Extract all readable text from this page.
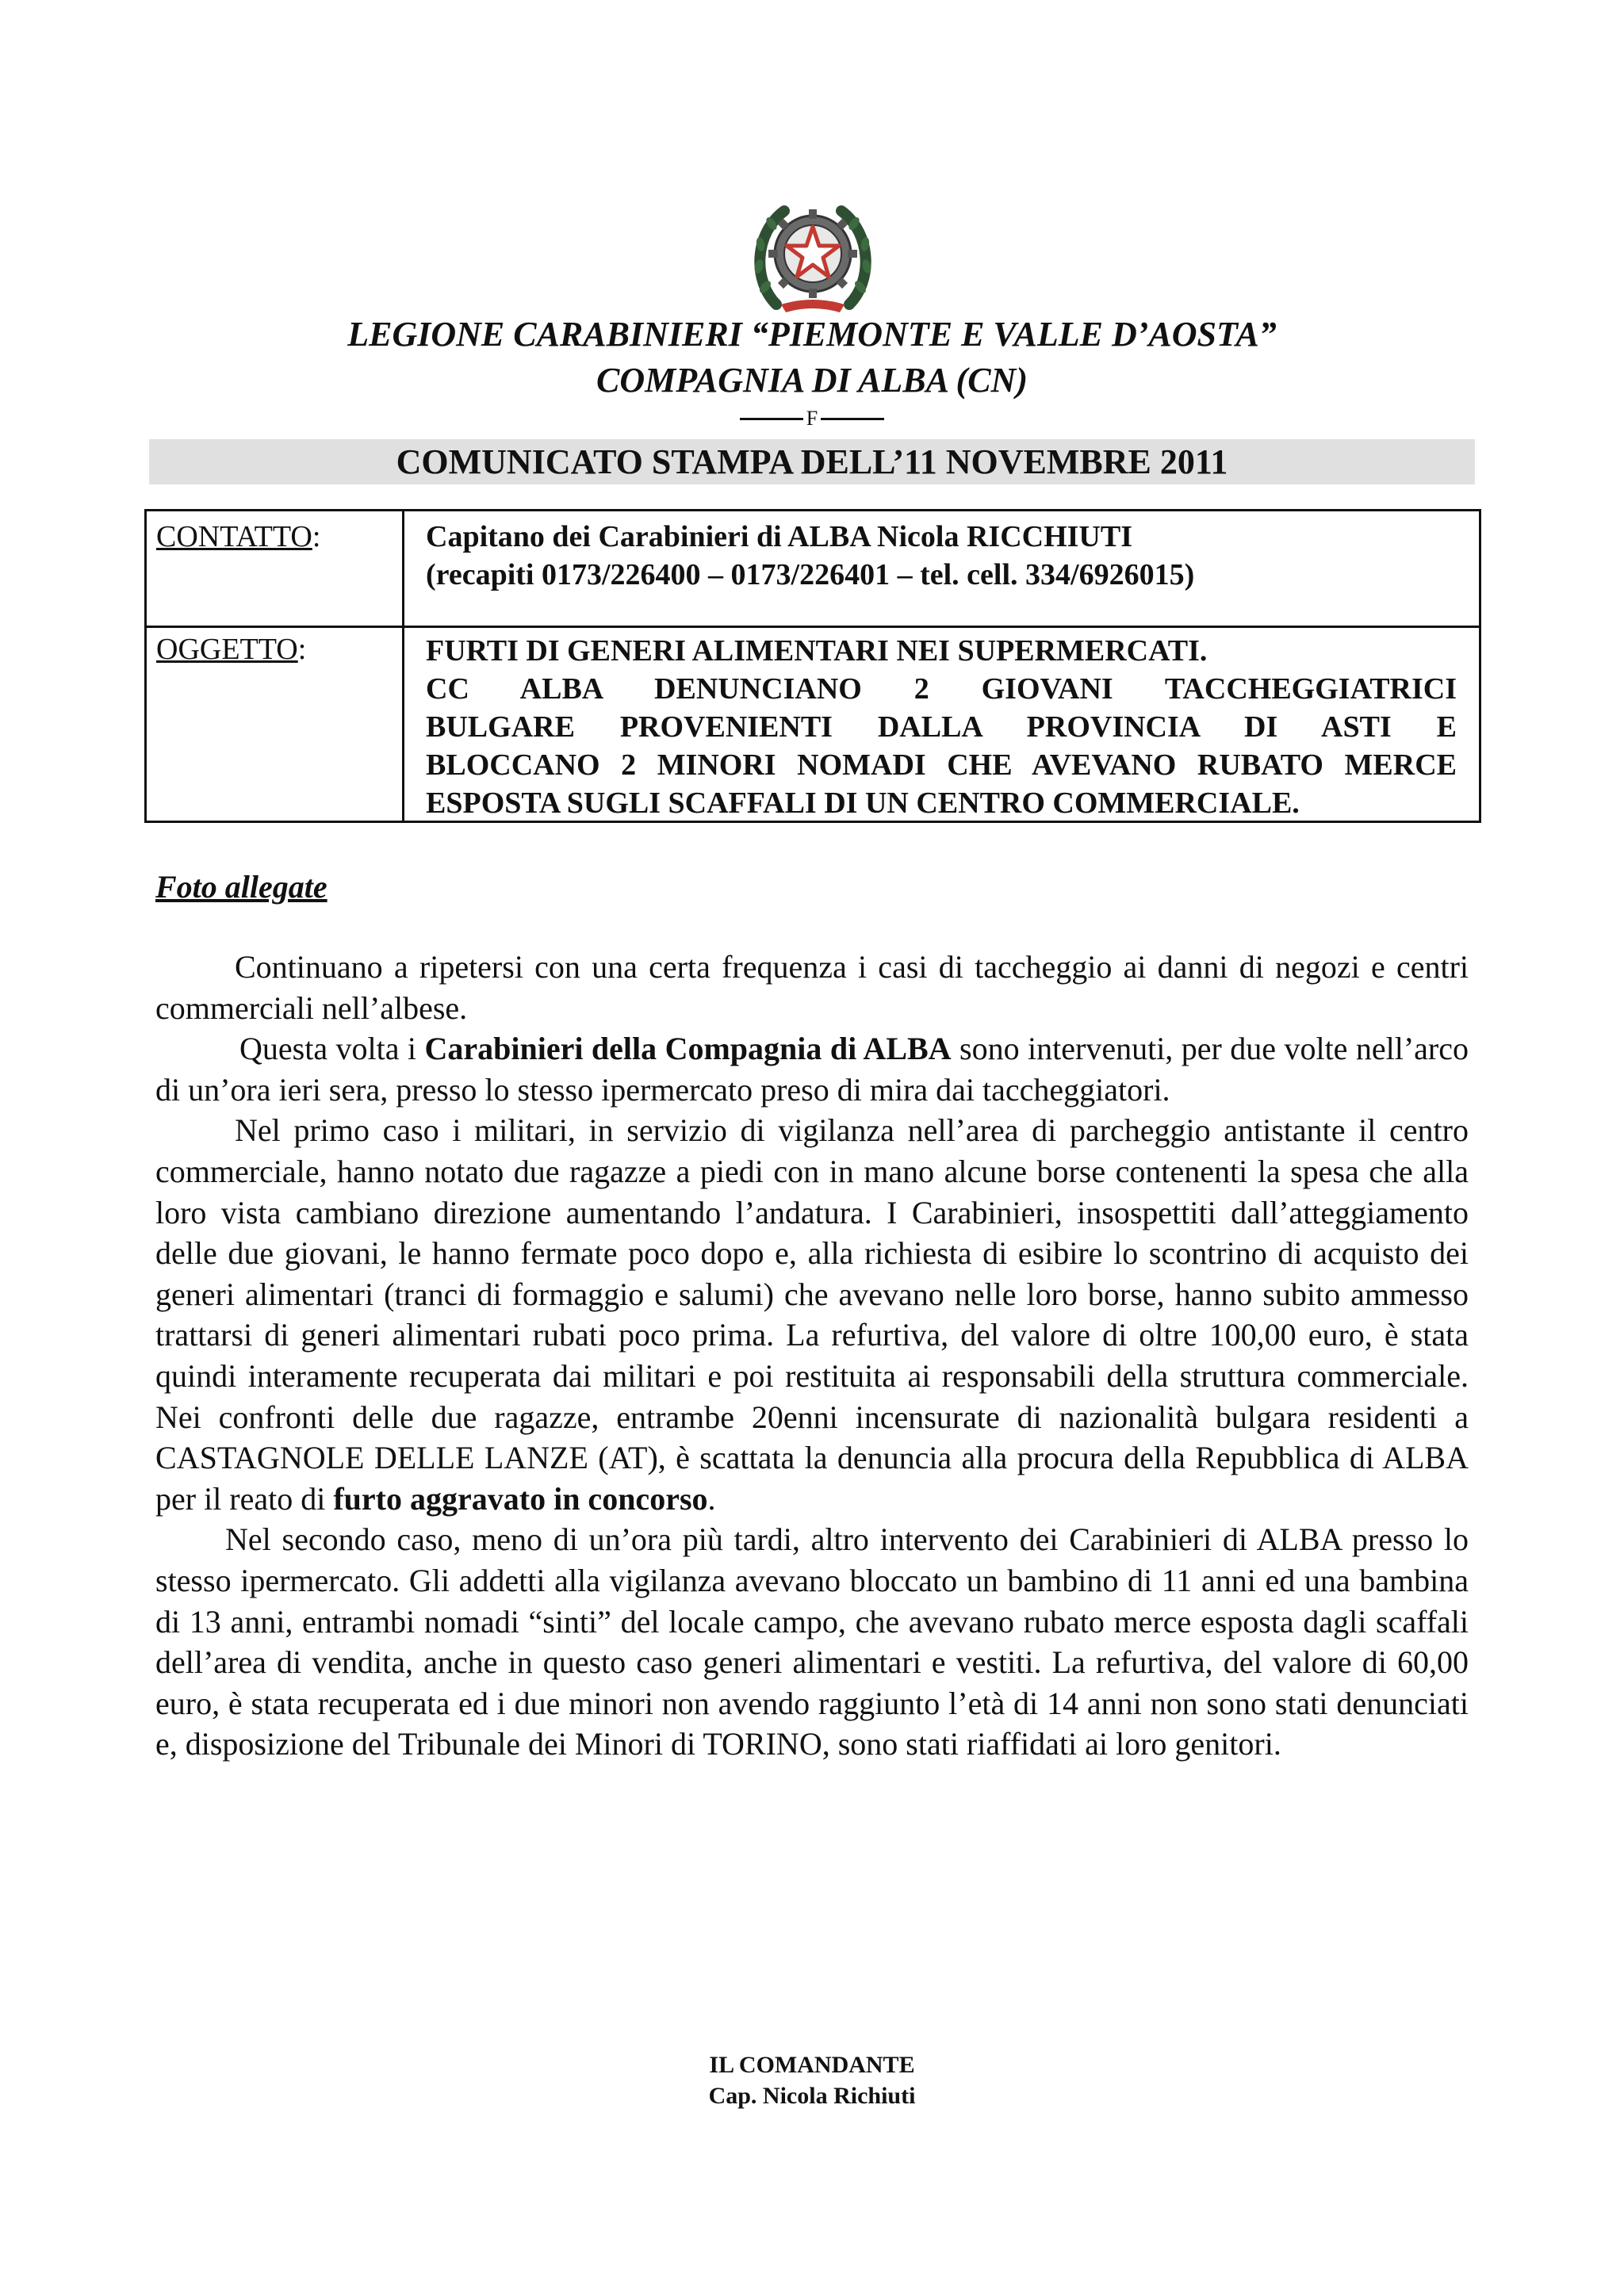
LEGIONE CARABINIERI “PIEMONTE E VALLE D’AOSTA”
COMPAGNIA DI ALBA (CN)
F
COMUNICATO STAMPA DELL’11 NOVEMBRE 2011
CONTATTO:	Capitano dei Carabinieri di ALBA Nicola RICCHIUTI
(recapiti 0173/226400 – 0173/226401 – tel. cell. 334/6926015)
OGGETTO:	FURTI DI GENERI ALIMENTARI NEI SUPERMERCATI.
CC ALBA DENUNCIANO 2 GIOVANI TACCHEGGIATRICI
BULGARE PROVENIENTI DALLA PROVINCIA DI ASTI E
BLOCCANO 2 MINORI NOMADI CHE AVEVANO RUBATO MERCE
ESPOSTA SUGLI SCAFFALI DI UN CENTRO COMMERCIALE.
Foto allegate

Continuano a ripetersi con una certa frequenza i casi di taccheggio ai danni di negozi e centri commerciali nell’albese.

Questa volta i Carabinieri della Compagnia di ALBA sono intervenuti, per due volte nell’arco di un’ora ieri sera, presso lo stesso ipermercato preso di mira dai taccheggiatori.

Nel primo caso i militari, in servizio di vigilanza nell’area di parcheggio antistante il centro commerciale, hanno notato due ragazze a piedi con in mano alcune borse contenenti la spesa che alla loro vista cambiano direzione aumentando l’andatura. I Carabinieri, insospettiti dall’atteggiamento delle due giovani, le hanno fermate poco dopo e, alla richiesta di esibire lo scontrino di acquisto dei generi alimentari (tranci di formaggio e salumi) che avevano nelle loro borse, hanno subito ammesso trattarsi di generi alimentari rubati poco prima. La refurtiva, del valore di oltre 100,00 euro, è stata quindi interamente recuperata dai militari e poi restituita ai responsabili della struttura commerciale. Nei confronti delle due ragazze, entrambe 20enni incensurate di nazionalità bulgara residenti a CASTAGNOLE DELLE LANZE (AT), è scattata la denuncia alla procura della Repubblica di ALBA per il reato di furto aggravato in concorso.

Nel secondo caso, meno di un’ora più tardi, altro intervento dei Carabinieri di ALBA presso lo stesso ipermercato. Gli addetti alla vigilanza avevano bloccato un bambino di 11 anni ed una bambina di 13 anni, entrambi nomadi “sinti” del locale campo, che avevano rubato merce esposta dagli scaffali dell’area di vendita, anche in questo caso generi alimentari e vestiti. La refurtiva, del valore di 60,00 euro, è stata recuperata ed i due minori non avendo raggiunto l’età di 14 anni non sono stati denunciati e, disposizione del Tribunale dei Minori di TORINO, sono stati riaffidati ai loro genitori.

IL COMANDANTE
Cap. Nicola Richiuti
